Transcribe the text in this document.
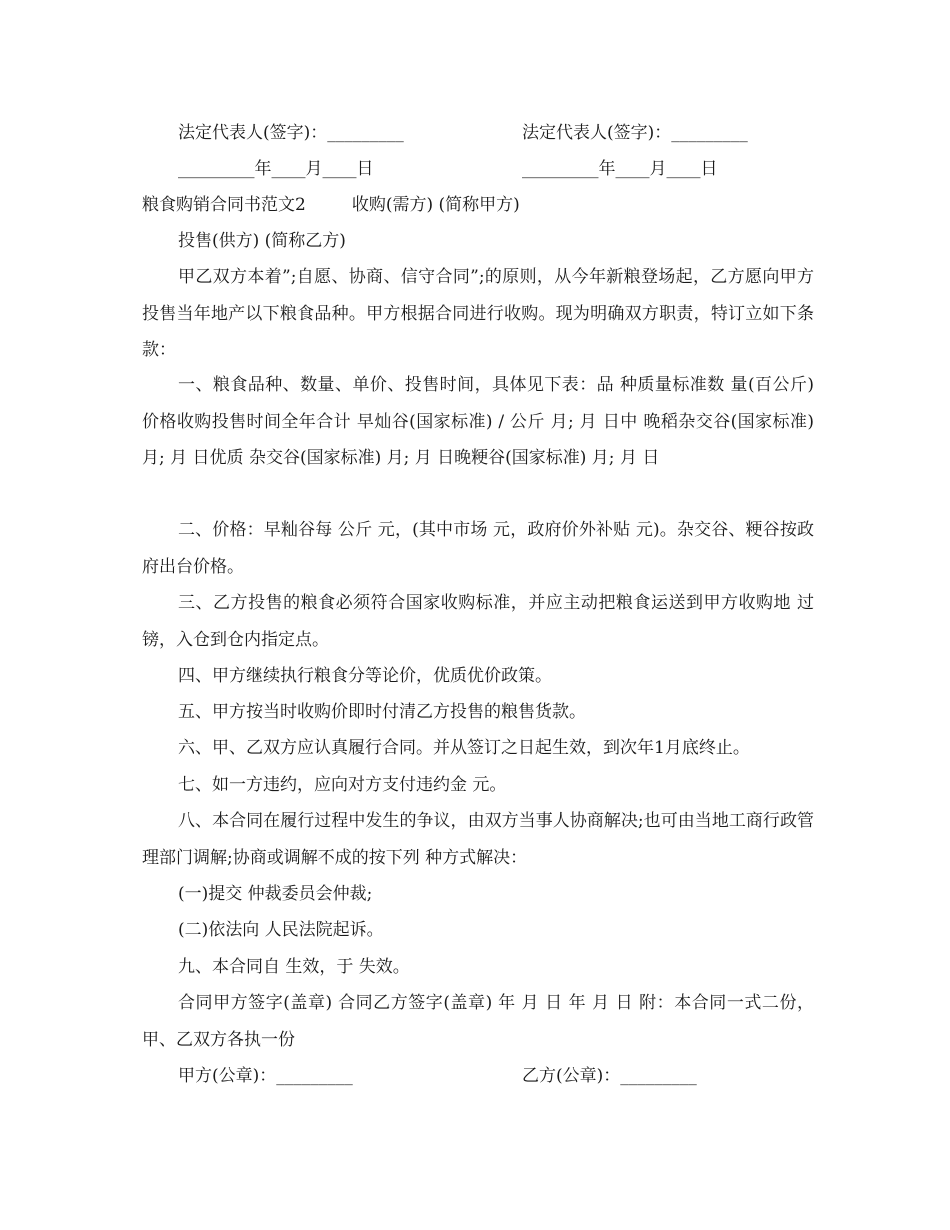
法定代表人(签字)：_________	法定代表人(签字)：_________
_________年____月____日	_________年____月____日
粮食购销合同书范文2	收购(需方) (简称甲方)
投售(供方) (简称乙方)

甲乙双方本着”;自愿、协商、信守合同”;的原则，从今年新粮登场起，乙方愿向甲方投售当年地产以下粮食品种。甲方根据合同进行收购。现为明确双方职责，特订立如下条款：

一、粮食品种、数量、单价、投售时间，具体见下表：品 种质量标准数 量(百公斤)价格收购投售时间全年合计 早灿谷(国家标准) / 公斤 月; 月 日中 晚稻杂交谷(国家标准) 月; 月 日优质 杂交谷(国家标准) 月; 月 日晚粳谷(国家标准) 月; 月 日

二、价格：早籼谷每 公斤 元，(其中市场 元，政府价外补贴 元)。杂交谷、粳谷按政府出台价格。

三、乙方投售的粮食必须符合国家收购标准，并应主动把粮食运送到甲方收购地 过镑，入仓到仓内指定点。

四、甲方继续执行粮食分等论价，优质优价政策。

五、甲方按当时收购价即时付清乙方投售的粮售货款。

六、甲、乙双方应认真履行合同。并从签订之日起生效，到次年1月底终止。

七、如一方违约，应向对方支付违约金 元。

八、本合同在履行过程中发生的争议，由双方当事人协商解决;也可由当地工商行政管理部门调解;协商或调解不成的按下列 种方式解决：

(一)提交 仲裁委员会仲裁;

(二)依法向 人民法院起诉。

九、本合同自 生效，于 失效。

合同甲方签字(盖章) 合同乙方签字(盖章) 年 月 日 年 月 日 附：本合同一式二份，甲、乙双方各执一份

甲方(公章)：_________	乙方(公章)：_________
